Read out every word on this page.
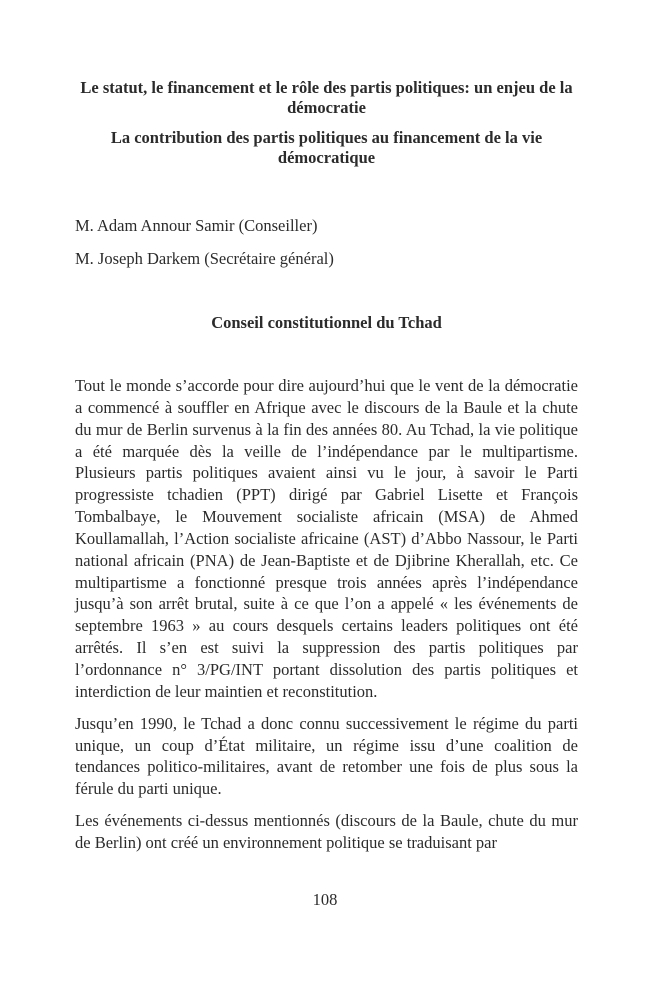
Le statut, le financement et le rôle des partis politiques: un enjeu de la démocratie

La contribution des partis politiques au financement de la vie démocratique

M. Adam Annour Samir (Conseiller)

M. Joseph Darkem (Secrétaire général)

Conseil constitutionnel du Tchad

Tout le monde s’accorde pour dire aujourd’hui que le vent de la démocratie a commencé à souffler en Afrique avec le discours de la Baule et la chute du mur de Berlin survenus à la fin des années 80. Au Tchad, la vie politique a été marquée dès la veille de l’indépendance par le multipartisme. Plusieurs partis politiques avaient ainsi vu le jour, à savoir le Parti progressiste tchadien (PPT) dirigé par Gabriel Lisette et François Tombalbaye, le Mouvement socialiste africain (MSA) de Ahmed Koullamallah, l’Action socialiste africaine (AST) d’Abbo Nassour, le Parti national africain (PNA) de Jean-Baptiste et de Djibrine Kherallah, etc. Ce multipartisme a fonctionné presque trois années après l’indépendance jusqu’à son arrêt brutal, suite à ce que l’on a appelé « les événements de septembre 1963 » au cours desquels certains leaders politiques ont été arrêtés. Il s’en est suivi la suppression des partis politiques par l’ordonnance n° 3/PG/INT portant dissolution des partis politiques et interdiction de leur maintien et reconstitution.

Jusqu’en 1990, le Tchad a donc connu successivement le régime du parti unique, un coup d’État militaire, un régime issu d’une coalition de tendances politico-militaires, avant de retomber une fois de plus sous la férule du parti unique.

Les événements ci-dessus mentionnés (discours de la Baule, chute du mur de Berlin) ont créé un environnement politique se traduisant par

108
